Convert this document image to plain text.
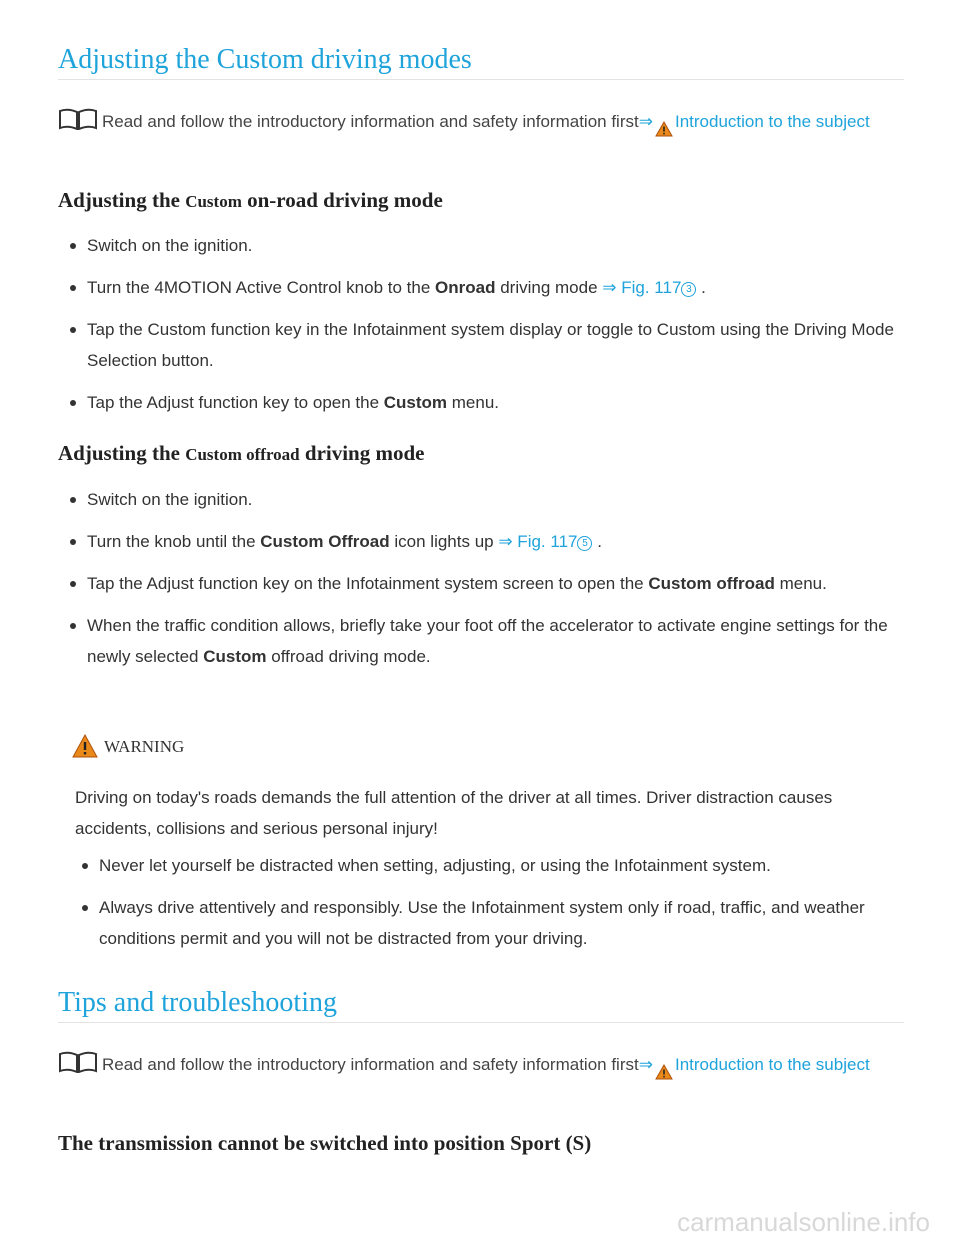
Adjusting the Custom driving modes
Read and follow the introductory information and safety information first⇒ Introduction to the subject
Adjusting the Custom on-road driving mode
Switch on the ignition.
Turn the 4MOTION Active Control knob to the Onroad driving mode ⇒ Fig. 117 3 .
Tap the Custom function key in the Infotainment system display or toggle to Custom using the Driving Mode Selection button.
Tap the Adjust function key to open the Custom menu.
Adjusting the Custom offroad driving mode
Switch on the ignition.
Turn the knob until the Custom Offroad icon lights up ⇒ Fig. 117 5 .
Tap the Adjust function key on the Infotainment system screen to open the Custom offroad menu.
When the traffic condition allows, briefly take your foot off the accelerator to activate engine settings for the newly selected Custom offroad driving mode.
WARNING
Driving on today's roads demands the full attention of the driver at all times. Driver distraction causes accidents, collisions and serious personal injury!
Never let yourself be distracted when setting, adjusting, or using the Infotainment system.
Always drive attentively and responsibly. Use the Infotainment system only if road, traffic, and weather conditions permit and you will not be distracted from your driving.
Tips and troubleshooting
Read and follow the introductory information and safety information first⇒ Introduction to the subject
The transmission cannot be switched into position Sport (S)
carmanualsonline.info
